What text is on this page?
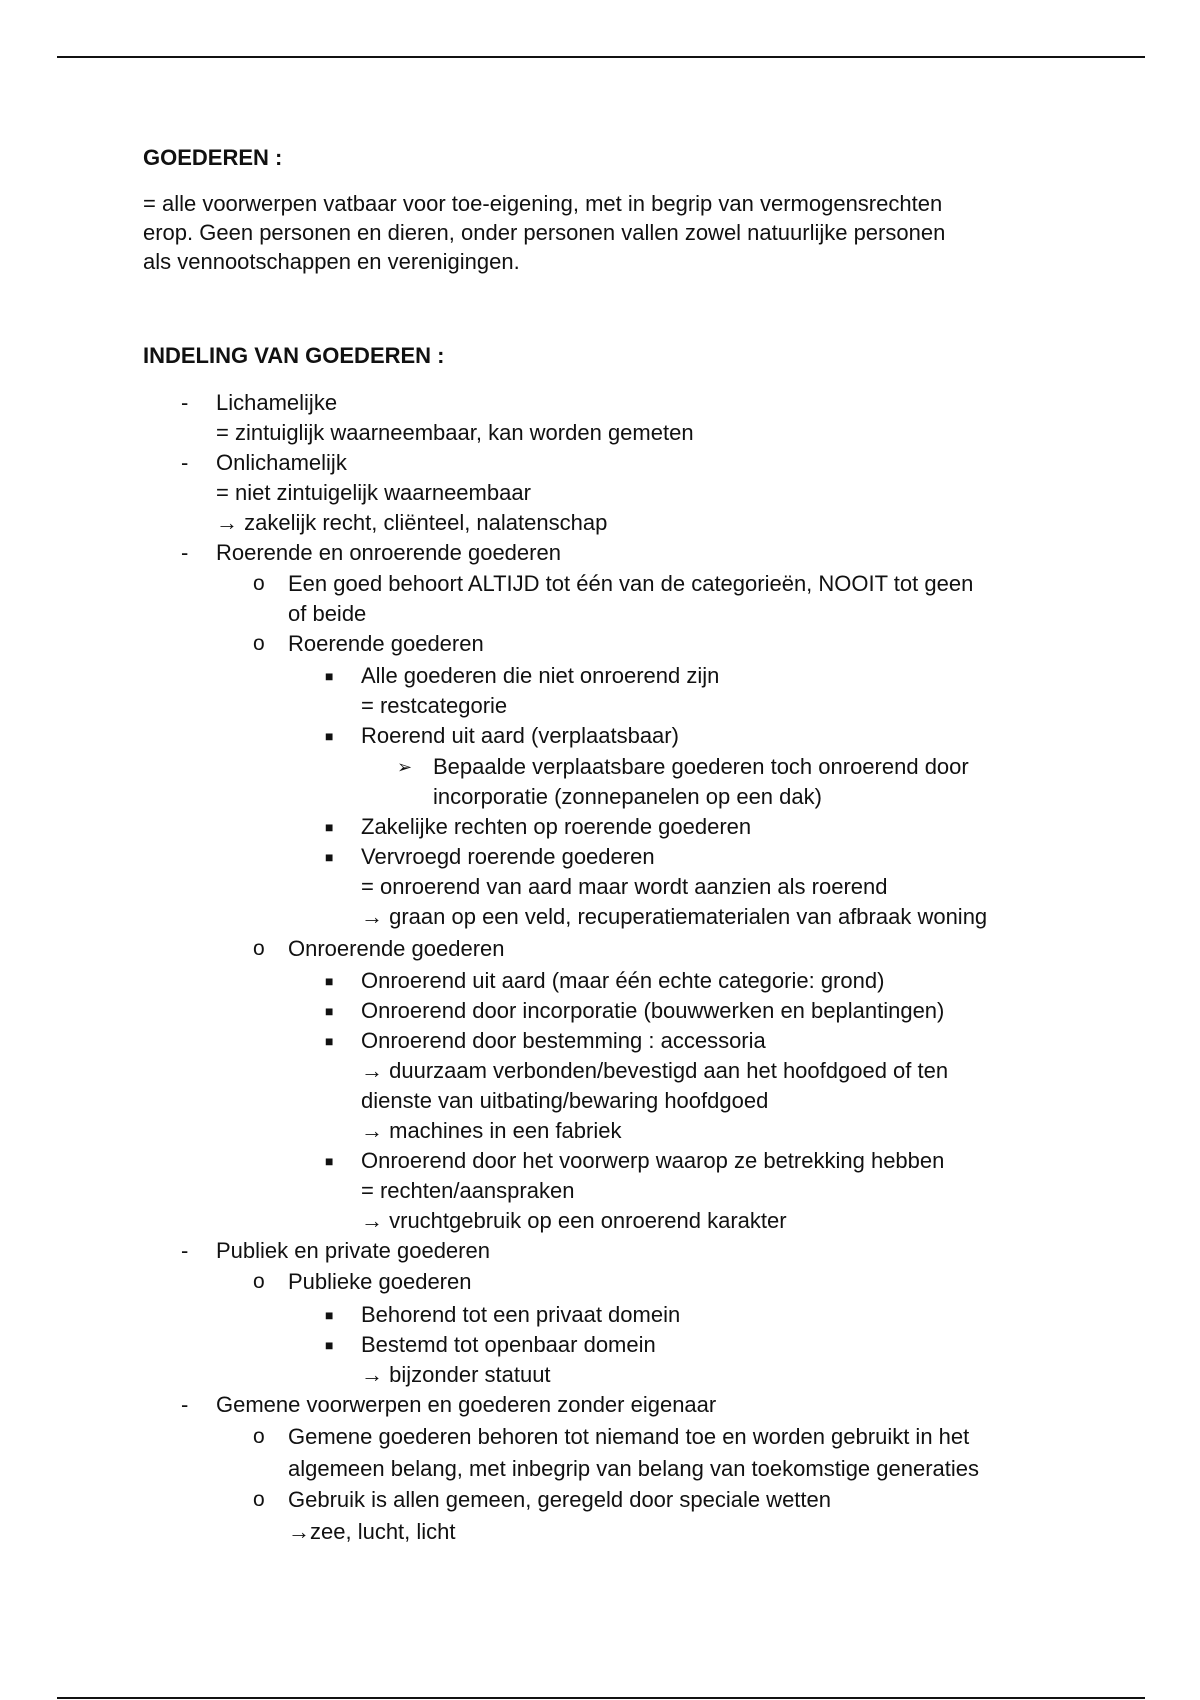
GOEDEREN :
= alle voorwerpen vatbaar voor toe-eigening, met in begrip van vermogensrechten
erop. Geen personen en dieren, onder personen vallen zowel natuurlijke personen
als vennootschappen en verenigingen.
INDELING VAN GOEDEREN :
- Lichamelijke
= zintuiglijk waarneembaar, kan worden gemeten
- Onlichamelijk
= niet zintuigelijk waarneembaar
→ zakelijk recht, cliënteel, nalatenschap
- Roerende en onroerende goederen
o Een goed behoort ALTIJD tot één van de categorieën, NOOIT tot geen
of beide
o Roerende goederen
■ Alle goederen die niet onroerend zijn
= restcategorie
■ Roerend uit aard (verplaatsbaar)
➢ Bepaalde verplaatsbare goederen toch onroerend door
incorporatie (zonnepanelen op een dak)
■ Zakelijke rechten op roerende goederen
■ Vervroegd roerende goederen
= onroerend van aard maar wordt aanzien als roerend
→ graan op een veld, recuperatiematerialen van afbraak woning
o Onroerende goederen
■ Onroerend uit aard (maar één echte categorie: grond)
■ Onroerend door incorporatie (bouwwerken en beplantingen)
■ Onroerend door bestemming : accessoria
→ duurzaam verbonden/bevestigd aan het hoofdgoed of ten
dienste van uitbating/bewaring hoofdgoed
→ machines in een fabriek
■ Onroerend door het voorwerp waarop ze betrekking hebben
= rechten/aanspraken
→ vruchtgebruik op een onroerend karakter
- Publiek en private goederen
o Publieke goederen
■ Behorend tot een privaat domein
■ Bestemd tot openbaar domein
→ bijzonder statuut
- Gemene voorwerpen en goederen zonder eigenaar
o Gemene goederen behoren tot niemand toe en worden gebruikt in het
algemeen belang, met inbegrip van belang van toekomstige generaties
o Gebruik is allen gemeen, geregeld door speciale wetten
→zee, lucht, licht
